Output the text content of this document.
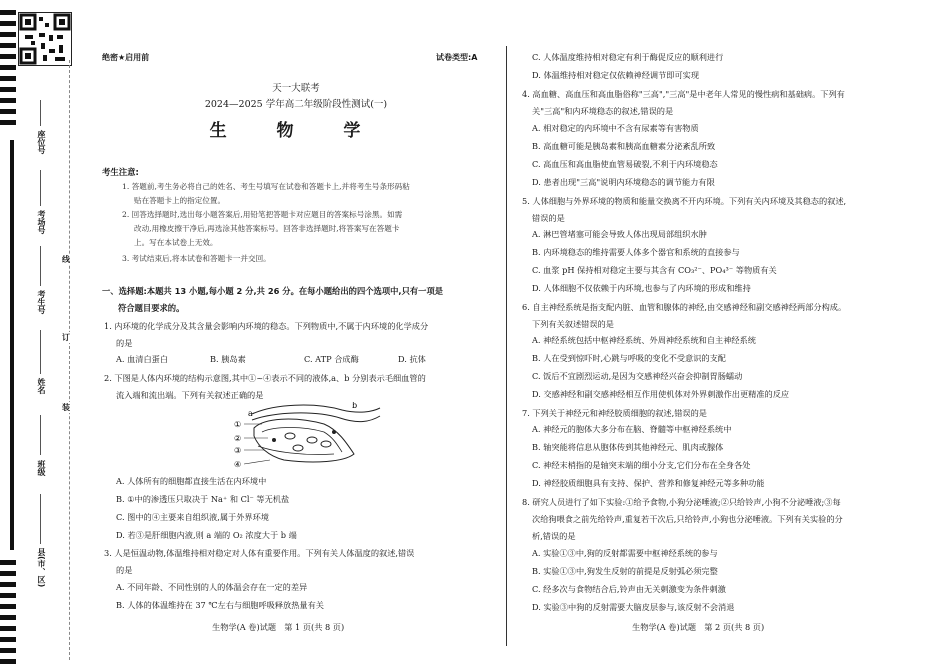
座位号
考场号
考生号
姓名
班级
县(市、区)
线
订
装
绝密★启用前	试卷类型:A
天一大联考
2024—2025 学年高二年级阶段性测试(一)
生 物 学
考生注意:
1. 答题前,考生务必将自己的姓名、考生号填写在试卷和答题卡上,并将考生号条形码粘
贴在答题卡上的指定位置。
2. 回答选择题时,选出每小题答案后,用铅笔把答题卡对应题目的答案标号涂黑。如需
改动,用橡皮擦干净后,再选涂其他答案标号。回答非选择题时,将答案写在答题卡
上。写在本试卷上无效。
3. 考试结束后,将本试卷和答题卡一并交回。
一、选择题:本题共 13 小题,每小题 2 分,共 26 分。在每小题给出的四个选项中,只有一项是
符合题目要求的。
1. 内环境的化学成分及其含量会影响内环境的稳态。下列物质中,不属于内环境的化学成分
的是
A. 血清白蛋白	B. 胰岛素	C. ATP 合成酶	D. 抗体
2. 下图是人体内环境的结构示意图,其中①~④表示不同的液体,a、b 分别表示毛细血管的
流入端和流出端。下列有关叙述正确的是
a
b
①
②
③
④
A. 人体所有的细胞都直接生活在内环境中
B. ①中的渗透压只取决于 Na⁺ 和 Cl⁻ 等无机盐
C. 图中的④主要来自组织液,属于外界环境
D. 若③是肝细胞内液,则 a 端的 O₂ 浓度大于 b 端
3. 人是恒温动物,体温维持相对稳定对人体有重要作用。下列有关人体温度的叙述,错误
的是
A. 不同年龄、不同性别的人的体温会存在一定的差异
B. 人体的体温维持在 37 ℃左右与细胞呼吸释放热量有关
C. 人体温度维持相对稳定有利于酶促反应的顺利进行
D. 体温维持相对稳定仅依赖神经调节即可实现
4. 高血糖、高血压和高血脂俗称"三高","三高"是中老年人常见的慢性病和基础病。下列有
关"三高"和内环境稳态的叙述,错误的是
A. 相对稳定的内环境中不含有尿素等有害物质
B. 高血糖可能是胰岛素和胰高血糖素分泌紊乱所致
C. 高血压和高血脂使血管易破裂,不利于内环境稳态
D. 患者出现"三高"说明内环境稳态的调节能力有限
5. 人体细胞与外界环境的物质和能量交换离不开内环境。下列有关内环境及其稳态的叙述,
错误的是
A. 淋巴管堵塞可能会导致人体出现局部组织水肿
B. 内环境稳态的维持需要人体多个器官和系统的直接参与
C. 血浆 pH 保持相对稳定主要与其含有 CO₃²⁻、PO₄³⁻ 等物质有关
D. 人体细胞不仅依赖于内环境,也参与了内环境的形成和维持
6. 自主神经系统是指支配内脏、血管和腺体的神经,由交感神经和副交感神经两部分构成。
下列有关叙述错误的是
A. 神经系统包括中枢神经系统、外周神经系统和自主神经系统
B. 人在受到惊吓时,心跳与呼吸的变化不受意识的支配
C. 饭后不宜剧烈运动,是因为交感神经兴奋会抑制胃肠蠕动
D. 交感神经和副交感神经相互作用使机体对外界刺激作出更精准的反应
7. 下列关于神经元和神经胶质细胞的叙述,错误的是
A. 神经元的胞体大多分布在脑、脊髓等中枢神经系统中
B. 轴突能将信息从胞体传到其他神经元、肌肉或腺体
C. 神经末梢指的是轴突末端的细小分支,它们分布在全身各处
D. 神经胶质细胞具有支持、保护、营养和修复神经元等多种功能
8. 研究人员进行了如下实验:①给予食物,小狗分泌唾液;②只给铃声,小狗不分泌唾液;③每
次给狗喂食之前先给铃声,重复若干次后,只给铃声,小狗也分泌唾液。下列有关实验的分
析,错误的是
A. 实验①③中,狗的反射都需要中枢神经系统的参与
B. 实验①③中,狗发生反射的前提是反射弧必须完整
C. 经多次与食物结合后,铃声由无关刺激变为条件刺激
D. 实验③中狗的反射需要大脑皮层参与,该反射不会消退
生物学(A 卷)试题　第 1 页(共 8 页)	生物学(A 卷)试题　第 2 页(共 8 页)
